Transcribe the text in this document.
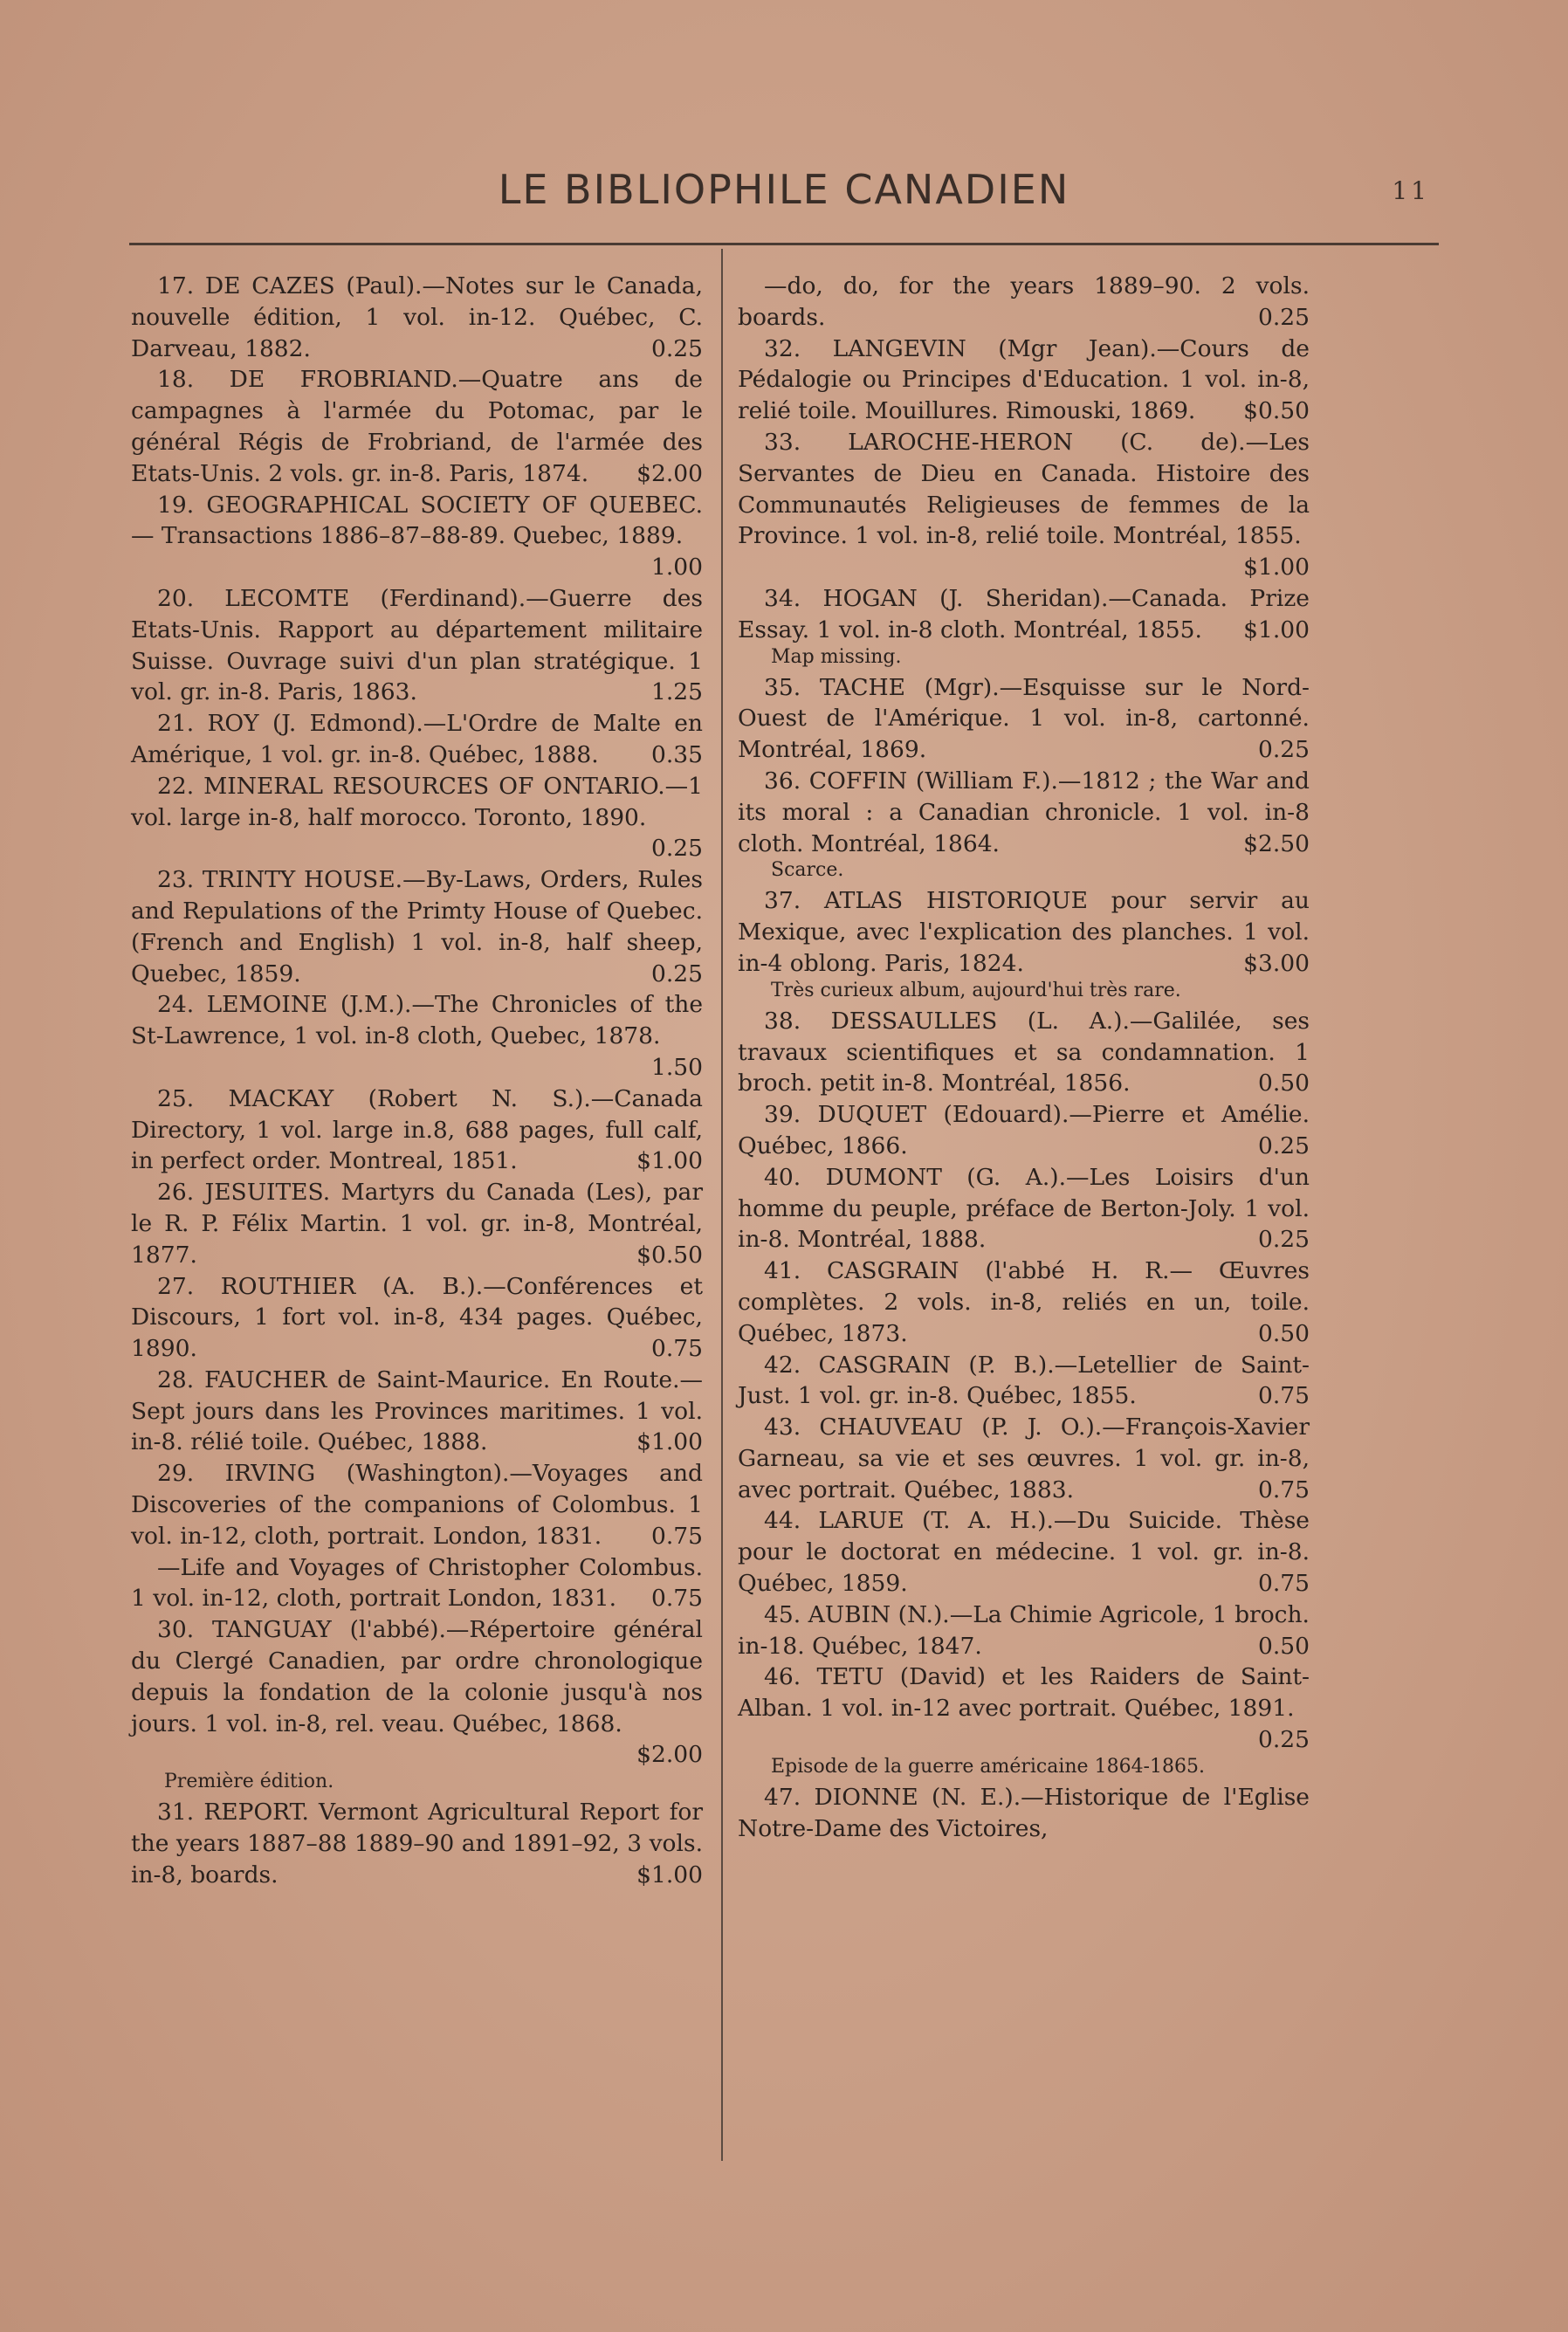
LE BIBLIOPHILE CANADIEN	11

17. DE CAZES (Paul).—Notes sur le Canada, nouvelle édition, 1 vol. in-12. Québec, C. Darveau, 1882.	0.25

18. DE FROBRIAND.—Quatre ans de campagnes à l'armée du Potomac, par le général Régis de Frobriand, de l'armée des Etats-Unis. 2 vols. gr. in-8. Paris, 1874.	$2.00

19. GEOGRAPHICAL SOCIETY OF QUEBEC. — Transactions 1886–87–88-89. Quebec, 1889.
1.00

20. LECOMTE (Ferdinand).—Guerre des Etats-Unis. Rapport au département militaire Suisse. Ouvrage suivi d'un plan stratégique. 1 vol. gr. in-8. Paris, 1863.	1.25

21. ROY (J. Edmond).—L'Ordre de Malte en Amérique, 1 vol. gr. in-8. Québec, 1888.	0.35

22. MINERAL RESOURCES OF ONTARIO.—1 vol. large in-8, half morocco. Toronto, 1890.
0.25

23. TRINTY HOUSE.—By-Laws, Orders, Rules and Repulations of the Primty House of Quebec. (French and English) 1 vol. in-8, half sheep, Quebec, 1859.	0.25

24. LEMOINE (J.M.).—The Chronicles of the St-Lawrence, 1 vol. in-8 cloth, Quebec, 1878.
1.50

25. MACKAY (Robert N. S.).—Canada Directory, 1 vol. large in.8, 688 pages, full calf, in perfect order. Montreal, 1851.	$1.00

26. JESUITES. Martyrs du Canada (Les), par le R. P. Félix Martin. 1 vol. gr. in-8, Montréal, 1877.	$0.50

27. ROUTHIER (A. B.).—Conférences et Discours, 1 fort vol. in-8, 434 pages. Québec, 1890.	0.75

28. FAUCHER de Saint-Maurice. En Route.—Sept jours dans les Provinces maritimes. 1 vol. in-8. rélié toile. Québec, 1888.	$1.00

29. IRVING (Washington).—Voyages and Discoveries of the companions of Colombus. 1 vol. in-12, cloth, portrait. London, 1831.	0.75

—Life and Voyages of Christopher Colombus. 1 vol. in-12, cloth, portrait London, 1831.	0.75

30. TANGUAY (l'abbé).—Répertoire général du Clergé Canadien, par ordre chronologique depuis la fondation de la colonie jusqu'à nos jours. 1 vol. in-8, rel. veau. Québec, 1868.
$2.00

Première édition.

31. REPORT. Vermont Agricultural Report for the years 1887–88 1889–90 and 1891–92, 3 vols. in-8, boards.	$1.00

—do, do, for the years 1889–90. 2 vols. boards.	0.25

32. LANGEVIN (Mgr Jean).—Cours de Pédalogie ou Principes d'Education. 1 vol. in-8, relié toile. Mouillures. Rimouski, 1869.	$0.50

33. LAROCHE-HERON (C. de).—Les Servantes de Dieu en Canada. Histoire des Communautés Religieuses de femmes de la Province. 1 vol. in-8, relié toile. Montréal, 1855.
$1.00

34. HOGAN (J. Sheridan).—Canada. Prize Essay. 1 vol. in-8 cloth. Montréal, 1855.	$1.00

Map missing.

35. TACHE (Mgr).—Esquisse sur le Nord-Ouest de l'Amérique. 1 vol. in-8, cartonné. Montréal, 1869.	0.25

36. COFFIN (William F.).—1812 ; the War and its moral : a Canadian chronicle. 1 vol. in-8 cloth. Montréal, 1864.	$2.50

Scarce.

37. ATLAS HISTORIQUE pour servir au Mexique, avec l'explication des planches. 1 vol. in-4 oblong. Paris, 1824.	$3.00

Très curieux album, aujourd'hui très rare.

38. DESSAULLES (L. A.).—Galilée, ses travaux scientifiques et sa condamnation. 1 broch. petit in-8. Montréal, 1856.	0.50

39. DUQUET (Edouard).—Pierre et Amélie. Québec, 1866.	0.25

40. DUMONT (G. A.).—Les Loisirs d'un homme du peuple, préface de Berton-Joly. 1 vol. in-8. Montréal, 1888.	0.25

41. CASGRAIN (l'abbé H. R.— Œuvres complètes. 2 vols. in-8, reliés en un, toile. Québec, 1873.	0.50

42. CASGRAIN (P. B.).—Letellier de Saint-Just. 1 vol. gr. in-8. Québec, 1855.	0.75

43. CHAUVEAU (P. J. O.).—François-Xavier Garneau, sa vie et ses œuvres. 1 vol. gr. in-8, avec portrait. Québec, 1883.	0.75

44. LARUE (T. A. H.).—Du Suicide. Thèse pour le doctorat en médecine. 1 vol. gr. in-8. Québec, 1859.	0.75

45. AUBIN (N.).—La Chimie Agricole, 1 broch. in-18. Québec, 1847.	0.50

46. TETU (David) et les Raiders de Saint-Alban. 1 vol. in-12 avec portrait. Québec, 1891.
0.25

Episode de la guerre américaine 1864-1865.

47. DIONNE (N. E.).—Historique de l'Eglise Notre-Dame des Victoires,
